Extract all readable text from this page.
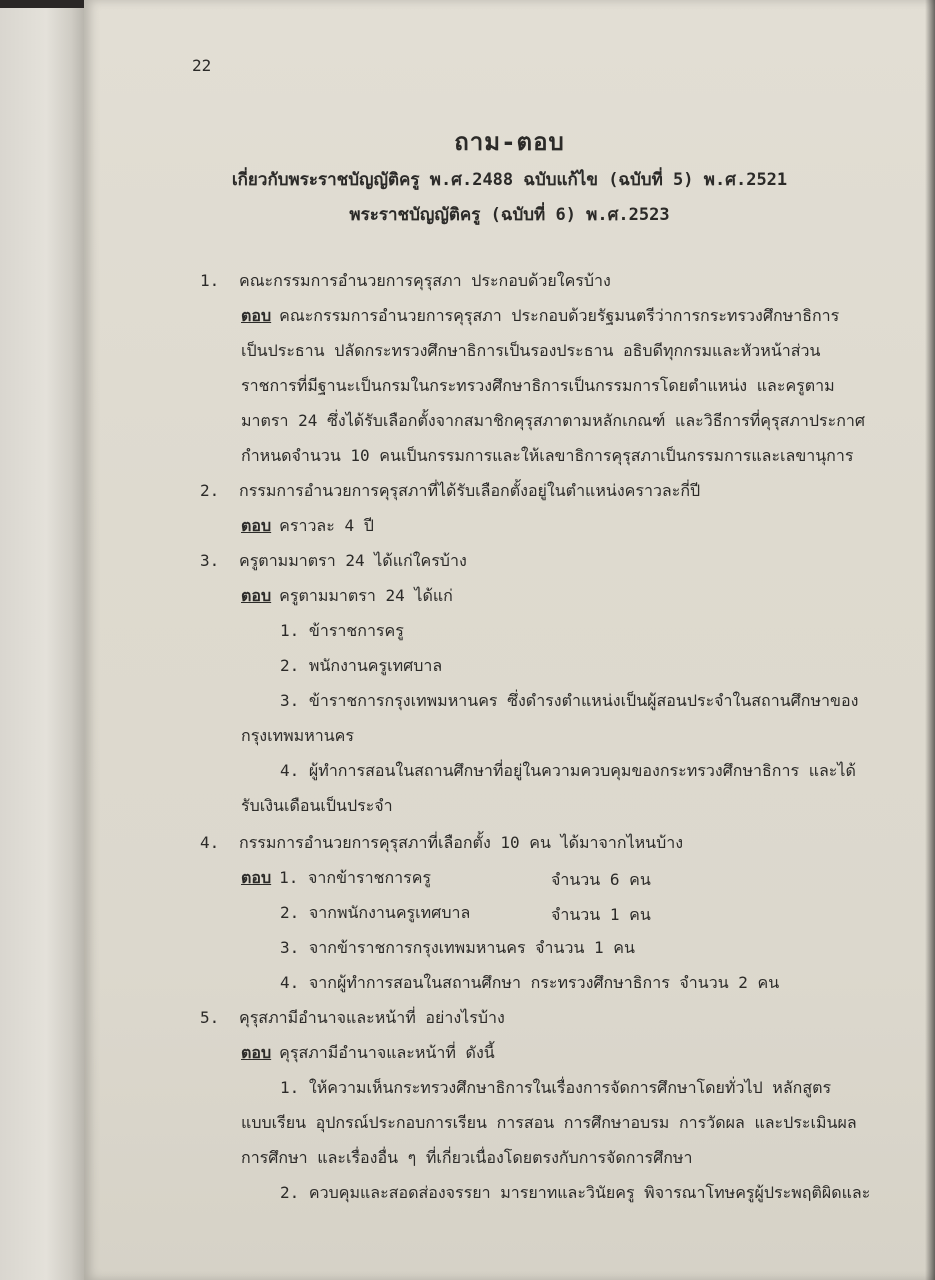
22
ถาม-ตอบ
เกี่ยวกับพระราชบัญญัติครู พ.ศ.2488 ฉบับแก้ไข (ฉบับที่ 5) พ.ศ.2521
พระราชบัญญัติครู (ฉบับที่ 6) พ.ศ.2523
1. คณะกรรมการอำนวยการคุรุสภา ประกอบด้วยใครบ้าง
ตอบ คณะกรรมการอำนวยการคุรุสภา ประกอบด้วยรัฐมนตรีว่าการกระทรวงศึกษาธิการ
เป็นประธาน ปลัดกระทรวงศึกษาธิการเป็นรองประธาน อธิบดีทุกกรมและหัวหน้าส่วน
ราชการที่มีฐานะเป็นกรมในกระทรวงศึกษาธิการเป็นกรรมการโดยตำแหน่ง และครูตาม
มาตรา 24 ซึ่งได้รับเลือกตั้งจากสมาชิกคุรุสภาตามหลักเกณฑ์ และวิธีการที่คุรุสภาประกาศ
กำหนดจำนวน 10 คนเป็นกรรมการและให้เลขาธิการคุรุสภาเป็นกรรมการและเลขานุการ
2. กรรมการอำนวยการคุรุสภาที่ได้รับเลือกตั้งอยู่ในตำแหน่งคราวละกี่ปี
ตอบ คราวละ 4 ปี
3. ครูตามมาตรา 24 ได้แก่ใครบ้าง
ตอบ ครูตามมาตรา 24 ได้แก่
1. ข้าราชการครู
2. พนักงานครูเทศบาล
3. ข้าราชการกรุงเทพมหานคร ซึ่งดำรงตำแหน่งเป็นผู้สอนประจำในสถานศึกษาของ
กรุงเทพมหานคร
4. ผู้ทำการสอนในสถานศึกษาที่อยู่ในความควบคุมของกระทรวงศึกษาธิการ และได้
รับเงินเดือนเป็นประจำ
4. กรรมการอำนวยการคุรุสภาที่เลือกตั้ง 10 คน ได้มาจากไหนบ้าง
ตอบ 1. จากข้าราชการครู	จำนวน 6 คน
2. จากพนักงานครูเทศบาล	จำนวน 1 คน
3. จากข้าราชการกรุงเทพมหานคร จำนวน 1 คน
4. จากผู้ทำการสอนในสถานศึกษา กระทรวงศึกษาธิการ จำนวน 2 คน
5. คุรุสภามีอำนาจและหน้าที่ อย่างไรบ้าง
ตอบ คุรุสภามีอำนาจและหน้าที่ ดังนี้
1. ให้ความเห็นกระทรวงศึกษาธิการในเรื่องการจัดการศึกษาโดยทั่วไป หลักสูตร
แบบเรียน อุปกรณ์ประกอบการเรียน การสอน การศึกษาอบรม การวัดผล และประเมินผล
การศึกษา และเรื่องอื่น ๆ ที่เกี่ยวเนื่องโดยตรงกับการจัดการศึกษา
2. ควบคุมและสอดส่องจรรยา มารยาทและวินัยครู พิจารณาโทษครูผู้ประพฤติผิดและ
